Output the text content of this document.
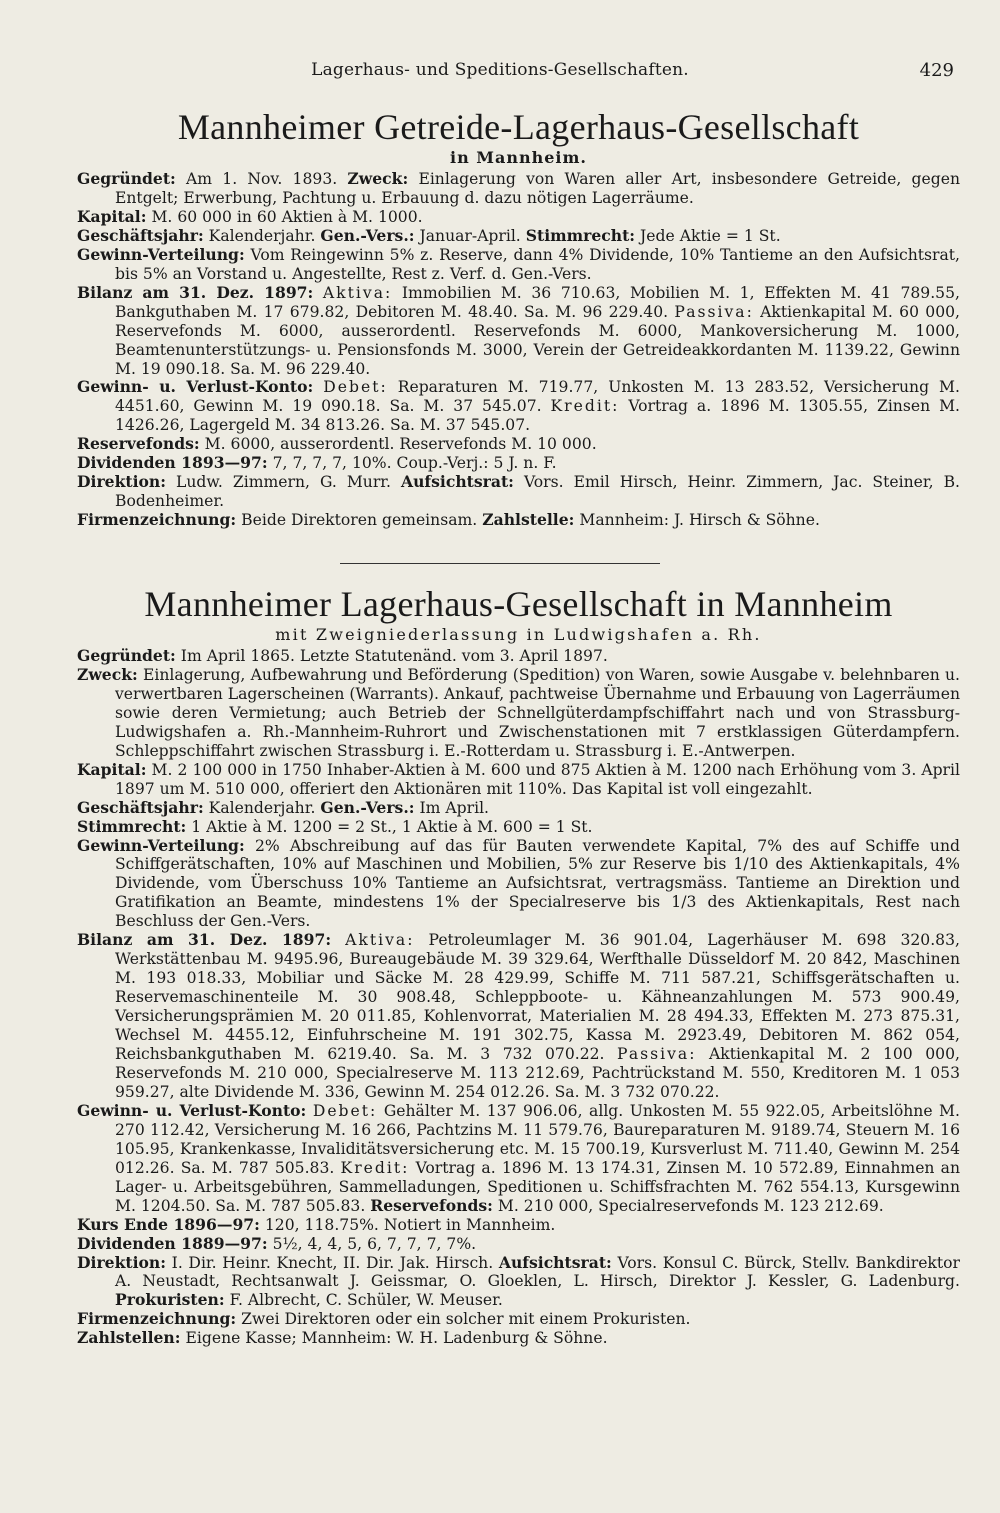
Lagerhaus- und Speditions-Gesellschaften.	429
Mannheimer Getreide-Lagerhaus-Gesellschaft
in Mannheim.
Gegründet: Am 1. Nov. 1893. Zweck: Einlagerung von Waren aller Art, insbesondere Getreide, gegen Entgelt; Erwerbung, Pachtung u. Erbauung d. dazu nötigen Lagerräume.
Kapital: M. 60 000 in 60 Aktien à M. 1000.
Geschäftsjahr: Kalenderjahr. Gen.-Vers.: Januar-April. Stimmrecht: Jede Aktie = 1 St.
Gewinn-Verteilung: Vom Reingewinn 5% z. Reserve, dann 4% Dividende, 10% Tantieme an den Aufsichtsrat, bis 5% an Vorstand u. Angestellte, Rest z. Verf. d. Gen.-Vers.
Bilanz am 31. Dez. 1897: Aktiva: Immobilien M. 36 710.63, Mobilien M. 1, Effekten M. 41 789.55, Bankguthaben M. 17 679.82, Debitoren M. 48.40. Sa. M. 96 229.40. Passiva: Aktienkapital M. 60 000, Reservefonds M. 6000, ausserordentl. Reservefonds M. 6000, Mankoversicherung M. 1000, Beamtenunterstützungs- u. Pensionsfonds M. 3000, Verein der Getreideakkordanten M. 1139.22, Gewinn M. 19 090.18. Sa. M. 96 229.40.
Gewinn- u. Verlust-Konto: Debet: Reparaturen M. 719.77, Unkosten M. 13 283.52, Versicherung M. 4451.60, Gewinn M. 19 090.18. Sa. M. 37 545.07. Kredit: Vortrag a. 1896 M. 1305.55, Zinsen M. 1426.26, Lagergeld M. 34 813.26. Sa. M. 37 545.07.
Reservefonds: M. 6000, ausserordentl. Reservefonds M. 10 000.
Dividenden 1893—97: 7, 7, 7, 7, 10%. Coup.-Verj.: 5 J. n. F.
Direktion: Ludw. Zimmern, G. Murr. Aufsichtsrat: Vors. Emil Hirsch, Heinr. Zimmern, Jac. Steiner, B. Bodenheimer.
Firmenzeichnung: Beide Direktoren gemeinsam. Zahlstelle: Mannheim: J. Hirsch & Söhne.
Mannheimer Lagerhaus-Gesellschaft in Mannheim
mit Zweigniederlassung in Ludwigshafen a. Rh.
Gegründet: Im April 1865. Letzte Statutenänd. vom 3. April 1897.
Zweck: Einlagerung, Aufbewahrung und Beförderung (Spedition) von Waren, sowie Ausgabe v. belehnbaren u. verwertbaren Lagerscheinen (Warrants). Ankauf, pachtweise Übernahme und Erbauung von Lagerräumen sowie deren Vermietung; auch Betrieb der Schnellgüterdampfschiffahrt nach und von Strassburg-Ludwigshafen a. Rh.-Mannheim-Ruhrort und Zwischenstationen mit 7 erstklassigen Güterdampfern. Schleppschiffahrt zwischen Strassburg i. E.-Rotterdam u. Strassburg i. E.-Antwerpen.
Kapital: M. 2 100 000 in 1750 Inhaber-Aktien à M. 600 und 875 Aktien à M. 1200 nach Erhöhung vom 3. April 1897 um M. 510 000, offeriert den Aktionären mit 110%. Das Kapital ist voll eingezahlt.
Geschäftsjahr: Kalenderjahr. Gen.-Vers.: Im April.
Stimmrecht: 1 Aktie à M. 1200 = 2 St., 1 Aktie à M. 600 = 1 St.
Gewinn-Verteilung: 2% Abschreibung auf das für Bauten verwendete Kapital, 7% des auf Schiffe und Schiffgerätschaften, 10% auf Maschinen und Mobilien, 5% zur Reserve bis 1/10 des Aktienkapitals, 4% Dividende, vom Überschuss 10% Tantieme an Aufsichtsrat, vertragsmäss. Tantieme an Direktion und Gratifikation an Beamte, mindestens 1% der Specialreserve bis 1/3 des Aktienkapitals, Rest nach Beschluss der Gen.-Vers.
Bilanz am 31. Dez. 1897: Aktiva: Petroleumlager M. 36 901.04, Lagerhäuser M. 698 320.83, Werkstättenbau M. 9495.96, Bureaugebäude M. 39 329.64, Werfthalle Düsseldorf M. 20 842, Maschinen M. 193 018.33, Mobiliar und Säcke M. 28 429.99, Schiffe M. 711 587.21, Schiffsgerätschaften u. Reservemaschinenteile M. 30 908.48, Schleppboote- u. Kähneanzahlungen M. 573 900.49, Versicherungsprämien M. 20 011.85, Kohlenvorrat, Materialien M. 28 494.33, Effekten M. 273 875.31, Wechsel M. 4455.12, Einfuhrscheine M. 191 302.75, Kassa M. 2923.49, Debitoren M. 862 054, Reichsbankguthaben M. 6219.40. Sa. M. 3 732 070.22. Passiva: Aktienkapital M. 2 100 000, Reservefonds M. 210 000, Specialreserve M. 113 212.69, Pachtrückstand M. 550, Kreditoren M. 1 053 959.27, alte Dividende M. 336, Gewinn M. 254 012.26. Sa. M. 3 732 070.22.
Gewinn- u. Verlust-Konto: Debet: Gehälter M. 137 906.06, allg. Unkosten M. 55 922.05, Arbeitslöhne M. 270 112.42, Versicherung M. 16 266, Pachtzins M. 11 579.76, Baureparaturen M. 9189.74, Steuern M. 16 105.95, Krankenkasse, Invaliditätsversicherung etc. M. 15 700.19, Kursverlust M. 711.40, Gewinn M. 254 012.26. Sa. M. 787 505.83. Kredit: Vortrag a. 1896 M. 13 174.31, Zinsen M. 10 572.89, Einnahmen an Lager- u. Arbeitsgebühren, Sammelladungen, Speditionen u. Schiffsfrachten M. 762 554.13, Kursgewinn M. 1204.50. Sa. M. 787 505.83. Reservefonds: M. 210 000, Specialreservefonds M. 123 212.69.
Kurs Ende 1896—97: 120, 118.75%. Notiert in Mannheim.
Dividenden 1889—97: 5½, 4, 4, 5, 6, 7, 7, 7, 7%.
Direktion: I. Dir. Heinr. Knecht, II. Dir. Jak. Hirsch. Aufsichtsrat: Vors. Konsul C. Bürck, Stellv. Bankdirektor A. Neustadt, Rechtsanwalt J. Geissmar, O. Gloeklen, L. Hirsch, Direktor J. Kessler, G. Ladenburg. Prokuristen: F. Albrecht, C. Schüler, W. Meuser.
Firmenzeichnung: Zwei Direktoren oder ein solcher mit einem Prokuristen.
Zahlstellen: Eigene Kasse; Mannheim: W. H. Ladenburg & Söhne.
